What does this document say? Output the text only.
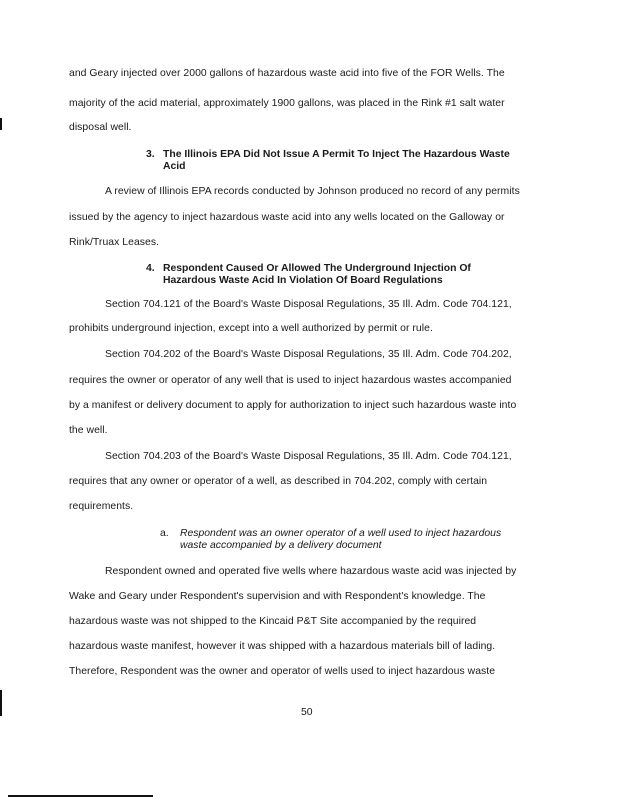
and Geary injected over 2000 gallons of hazardous waste acid into five of the FOR Wells. The
majority of the acid material, approximately 1900 gallons, was placed in the Rink #1 salt water
disposal well.
3. The Illinois EPA Did Not Issue A Permit To Inject The Hazardous Waste
Acid
A review of Illinois EPA records conducted by Johnson produced no record of any permits
issued by the agency to inject hazardous waste acid into any wells located on the Galloway or
Rink/Truax Leases.
4. Respondent Caused Or Allowed The Underground Injection Of
Hazardous Waste Acid In Violation Of Board Regulations
Section 704.121 of the Board's Waste Disposal Regulations, 35 Ill. Adm. Code 704.121,
prohibits underground injection, except into a well authorized by permit or rule.
Section 704.202 of the Board's Waste Disposal Regulations, 35 Ill. Adm. Code 704.202,
requires the owner or operator of any well that is used to inject hazardous wastes accompanied
by a manifest or delivery document to apply for authorization to inject such hazardous waste into
the well.
Section 704.203 of the Board's Waste Disposal Regulations, 35 Ill. Adm. Code 704.121,
requires that any owner or operator of a well, as described in 704.202, comply with certain
requirements.
a. Respondent was an owner operator of a well used to inject hazardous
waste accompanied by a delivery document
Respondent owned and operated five wells where hazardous waste acid was injected by
Wake and Geary under Respondent's supervision and with Respondent's knowledge. The
hazardous waste was not shipped to the Kincaid P&T Site accompanied by the required
hazardous waste manifest, however it was shipped with a hazardous materials bill of lading.
Therefore, Respondent was the owner and operator of wells used to inject hazardous waste
50
